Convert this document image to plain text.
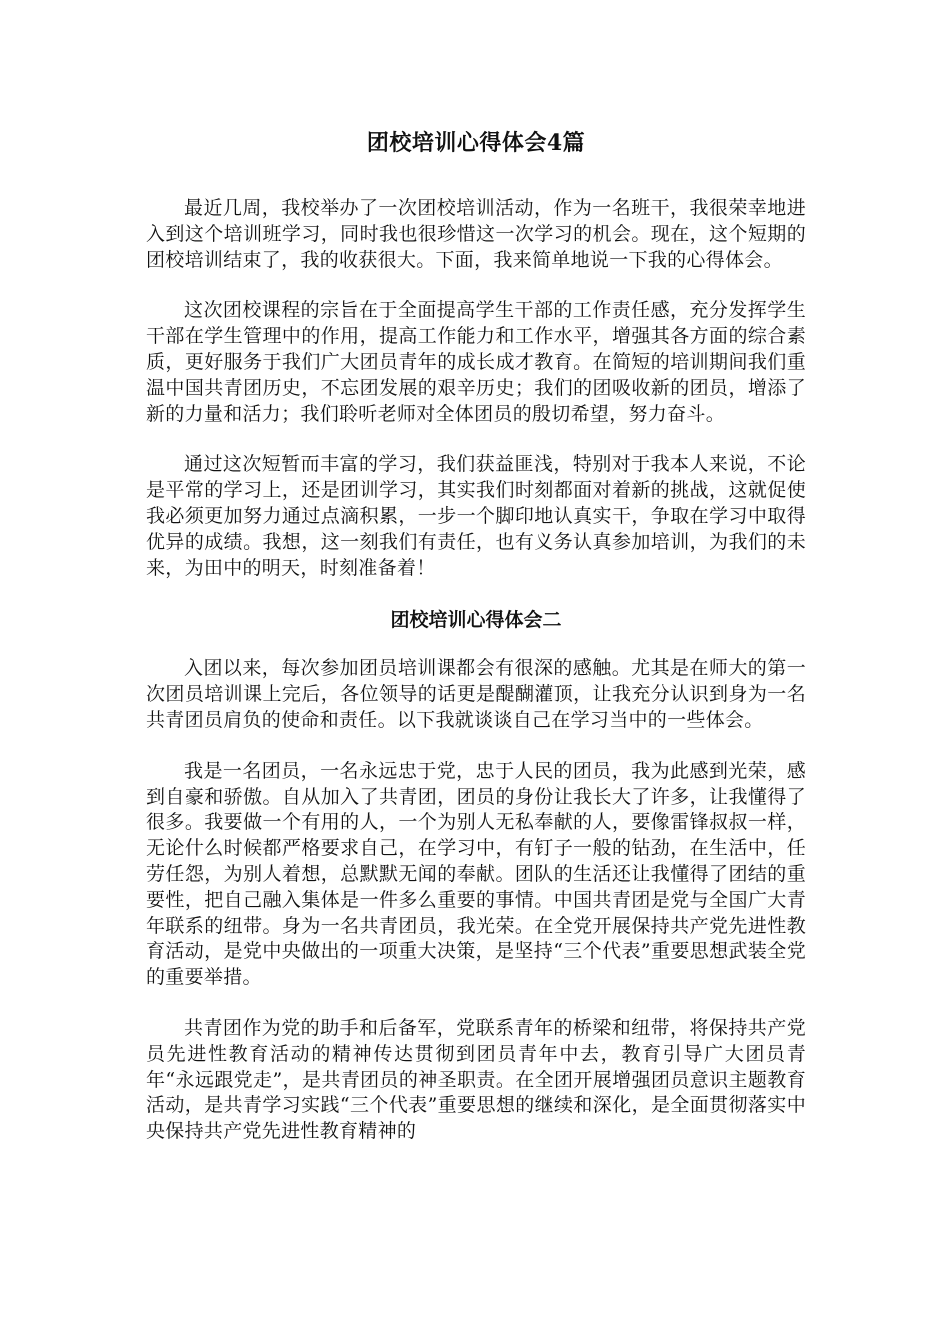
团校培训心得体会4篇

最近几周，我校举办了一次团校培训活动，作为一名班干，我很荣幸地进入到这个培训班学习，同时我也很珍惜这一次学习的机会。现在，这个短期的团校培训结束了，我的收获很大。下面，我来简单地说一下我的心得体会。

这次团校课程的宗旨在于全面提高学生干部的工作责任感，充分发挥学生干部在学生管理中的作用，提高工作能力和工作水平，增强其各方面的综合素质，更好服务于我们广大团员青年的成长成才教育。在简短的培训期间我们重温中国共青团历史，不忘团发展的艰辛历史；我们的团吸收新的团员，增添了新的力量和活力；我们聆听老师对全体团员的殷切希望，努力奋斗。

通过这次短暂而丰富的学习，我们获益匪浅，特别对于我本人来说，不论是平常的学习上，还是团训学习，其实我们时刻都面对着新的挑战，这就促使我必须更加努力通过点滴积累，一步一个脚印地认真实干，争取在学习中取得优异的成绩。我想，这一刻我们有责任，也有义务认真参加培训，为我们的未来，为田中的明天，时刻准备着！

团校培训心得体会二

入团以来，每次参加团员培训课都会有很深的感触。尤其是在师大的第一次团员培训课上完后，各位领导的话更是醍醐灌顶，让我充分认识到身为一名共青团员肩负的使命和责任。以下我就谈谈自己在学习当中的一些体会。

我是一名团员，一名永远忠于党，忠于人民的团员，我为此感到光荣，感到自豪和骄傲。自从加入了共青团，团员的身份让我长大了许多，让我懂得了很多。我要做一个有用的人，一个为别人无私奉献的人，要像雷锋叔叔一样，无论什么时候都严格要求自己，在学习中，有钉子一般的钻劲，在生活中，任劳任怨，为别人着想，总默默无闻的奉献。团队的生活还让我懂得了团结的重要性，把自己融入集体是一件多么重要的事情。中国共青团是党与全国广大青年联系的纽带。身为一名共青团员，我光荣。在全党开展保持共产党先进性教育活动，是党中央做出的一项重大决策，是坚持“三个代表”重要思想武装全党的重要举措。

共青团作为党的助手和后备军，党联系青年的桥梁和纽带，将保持共产党员先进性教育活动的精神传达贯彻到团员青年中去，教育引导广大团员青年“永远跟党走”，是共青团员的神圣职责。在全团开展增强团员意识主题教育活动，是共青学习实践“三个代表”重要思想的继续和深化，是全面贯彻落实中央保持共产党先进性教育精神的
